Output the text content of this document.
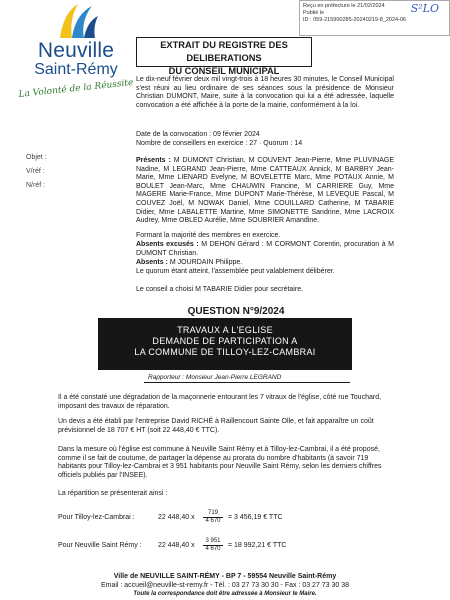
Neuville
Saint-Rémy
La Volonté de la Réussite
Reçu en préfecture le 21/02/2024
Publié le
ID : 059-215900285-20240219-8_2024-06
S²LO
EXTRAIT DU REGISTRE DES DELIBERATIONS
DU CONSEIL MUNICIPAL
Objet :
V/réf :
N/réf :
Le dix-neuf février deux mil vingt-trois à 18 heures 30 minutes, le Conseil Municipal s'est réuni au lieu ordinaire de ses séances sous la présidence de Monsieur Christian DUMONT, Maire, suite à la convocation qui lui a été adressée, laquelle convocation a été affichée à la porte de la mairie, conformément à la loi.
Date de la convocation : 09 février 2024
Nombre de conseillers en exercice : 27 · Quorum : 14
Présents : M DUMONT Christian, M COUVENT Jean-Pierre, Mme PLUVINAGE Nadine, M LEGRAND Jean-Pierre, Mme CATTEAUX Annick, M BARBRY Jean-Marie, Mme LIENARD Evelyne, M BOVELETTE Marc, Mme POTAUX Annie, M BOULET Jean-Marc, Mme CHAUWIN Francine, M CARRIERE Guy, Mme MAGERE Marie-France, Mme DUPONT Marie-Thérèse, M LEVEQUE Pascal, M COUVEZ Joël, M NOWAK Daniel, Mme COUILLARD Catherine, M TABARIE Didier, Mme LABALETTE Martine, Mme SIMONETTE Sandrine, Mme LACROIX Audrey, Mme OBLED Aurélie, Mme SOUBRIER Amandine.
Formant la majorité des membres en exercice.
Absents excusés : M DEHON Gérard : M CORMONT Corentin, procuration à M DUMONT Christian.
Absents : M JOURDAIN Philippe.
Le quorum étant atteint, l'assemblée peut valablement délibérer.
Le conseil a choisi M TABARIE Didier pour secrétaire.
QUESTION N°9/2024
TRAVAUX A L'EGLISE
DEMANDE DE PARTICIPATION A
LA COMMUNE DE TILLOY-LEZ-CAMBRAI
Rapporteur : Monsieur Jean-Pierre LEGRAND
Il a été constaté une dégradation de la maçonnerie entourant les 7 vitraux de l'église, côté rue Touchard, imposant des travaux de réparation.
Un devis a été établi par l'entreprise David RICHÉ à Raillencourt Sainte Olle, et fait apparaître un coût prévisionnel de 18 707 € HT (soit 22 448,40 € TTC).
Dans la mesure où l'église est commune à Neuville Saint Rémy et à Tilloy-lez-Cambrai, il a été proposé, comme il se fait de coutume, de partager la dépense au prorata du nombre d'habitants (à savoir 719 habitants pour Tilloy-lez-Cambrai et 3 951 habitants pour Neuville Saint Rémy, selon les derniers chiffres officiels publiés par l'INSEE).
La répartition se présenterait ainsi :
Pour Tilloy-lez-Cambrai :	22 448,40 x $\frac{719}{4 670} = 3$ 456,19 € TTC
Pour Neuville Saint Rémy : 22 448,40 x $\frac{3 951}{4 670} = 18$ 992,21 € TTC
Ville de NEUVILLE SAINT-RÉMY - BP 7 - 59554 Neuville Saint-Rémy
Email : accueil@neuville-st-remy.fr - Tél. : 03 27 73 30 30 - Fax : 03 27 73 30 38
Toute la correspondance doit être adressée à Monsieur le Maire.
